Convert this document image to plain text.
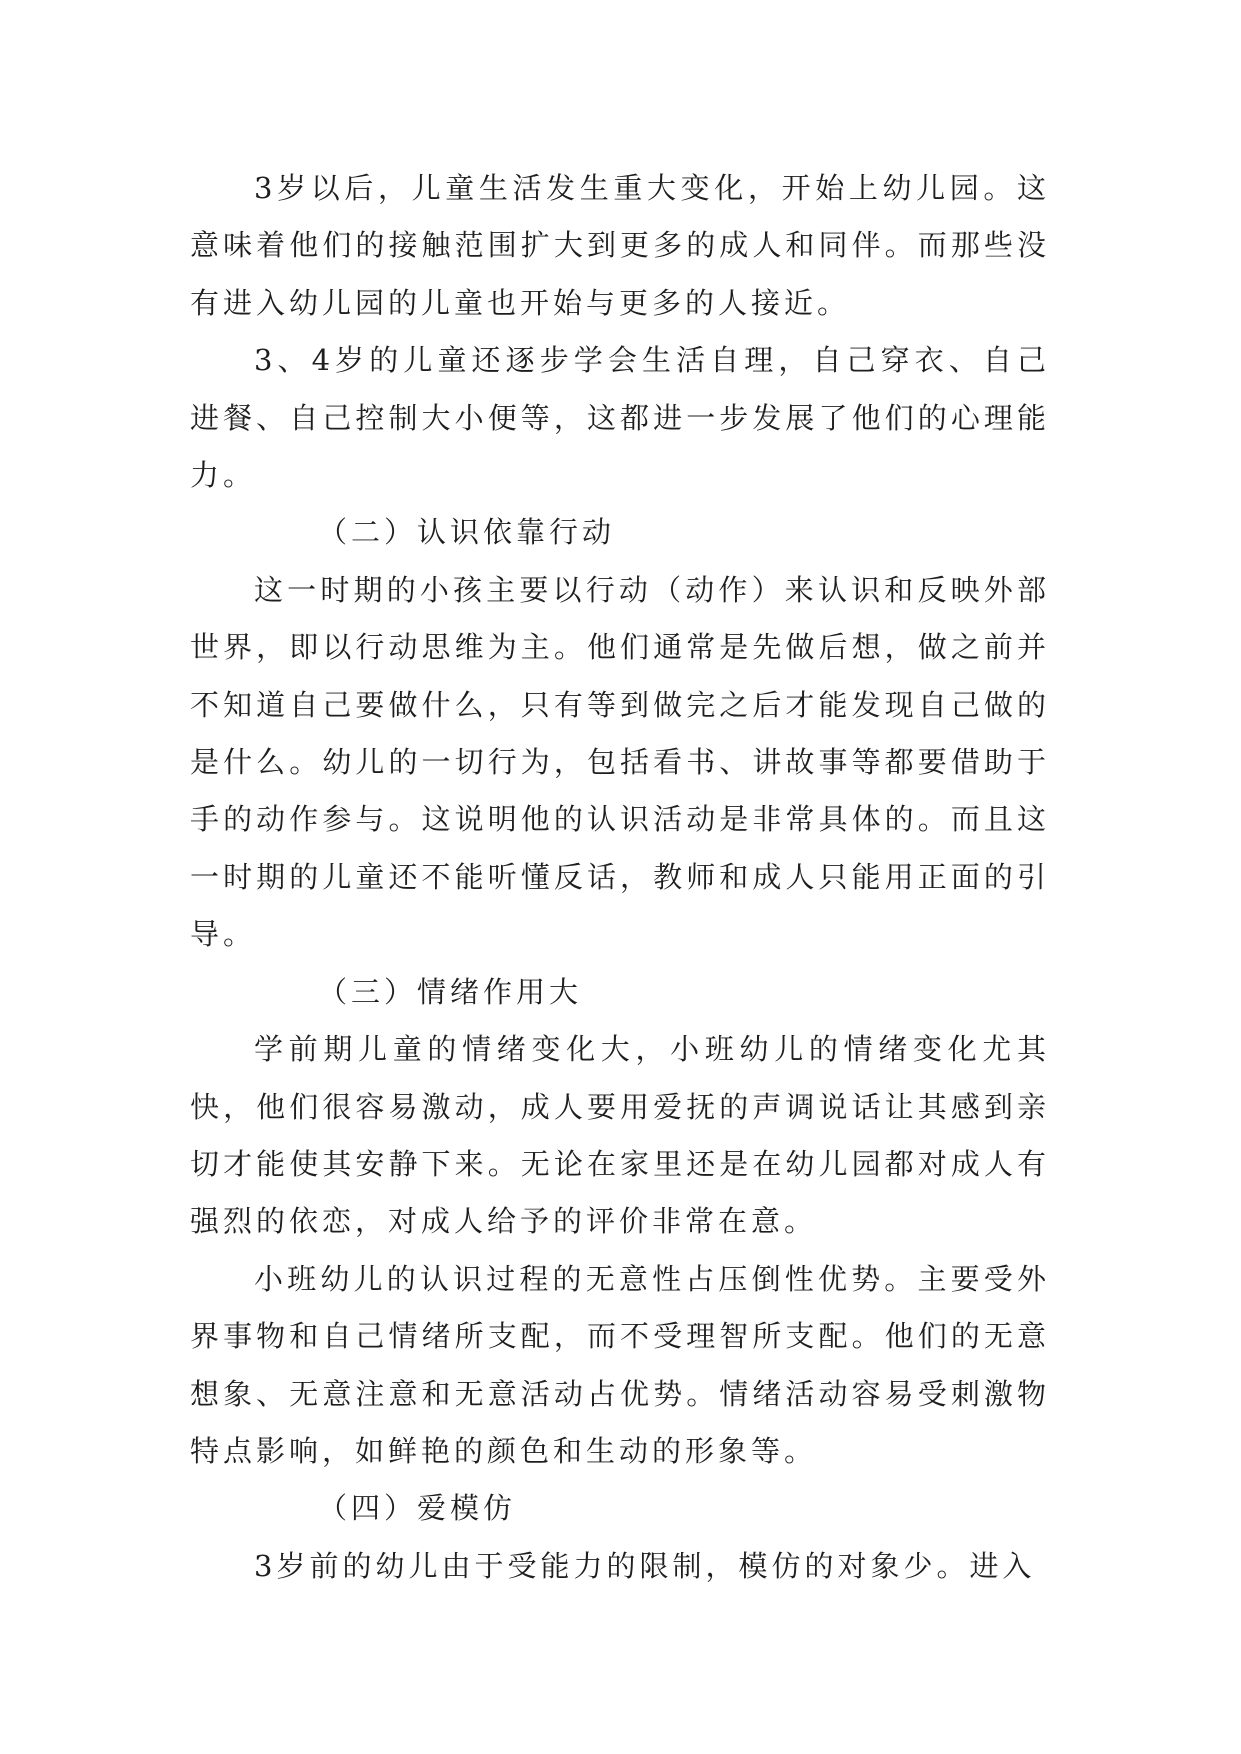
3岁以后，儿童生活发生重大变化，开始上幼儿园。这意味着他们的接触范围扩大到更多的成人和同伴。而那些没有进入幼儿园的儿童也开始与更多的人接近。

3、4岁的儿童还逐步学会生活自理，自己穿衣、自己进餐、自己控制大小便等，这都进一步发展了他们的心理能力。

（二）认识依靠行动

这一时期的小孩主要以行动（动作）来认识和反映外部世界，即以行动思维为主。他们通常是先做后想，做之前并不知道自己要做什么，只有等到做完之后才能发现自己做的是什么。幼儿的一切行为，包括看书、讲故事等都要借助于手的动作参与。这说明他的认识活动是非常具体的。而且这一时期的儿童还不能听懂反话，教师和成人只能用正面的引导。

（三）情绪作用大

学前期儿童的情绪变化大，小班幼儿的情绪变化尤其快，他们很容易激动，成人要用爱抚的声调说话让其感到亲切才能使其安静下来。无论在家里还是在幼儿园都对成人有强烈的依恋，对成人给予的评价非常在意。

小班幼儿的认识过程的无意性占压倒性优势。主要受外界事物和自己情绪所支配，而不受理智所支配。他们的无意想象、无意注意和无意活动占优势。情绪活动容易受刺激物特点影响，如鲜艳的颜色和生动的形象等。

（四）爱模仿

3岁前的幼儿由于受能力的限制，模仿的对象少。进入
